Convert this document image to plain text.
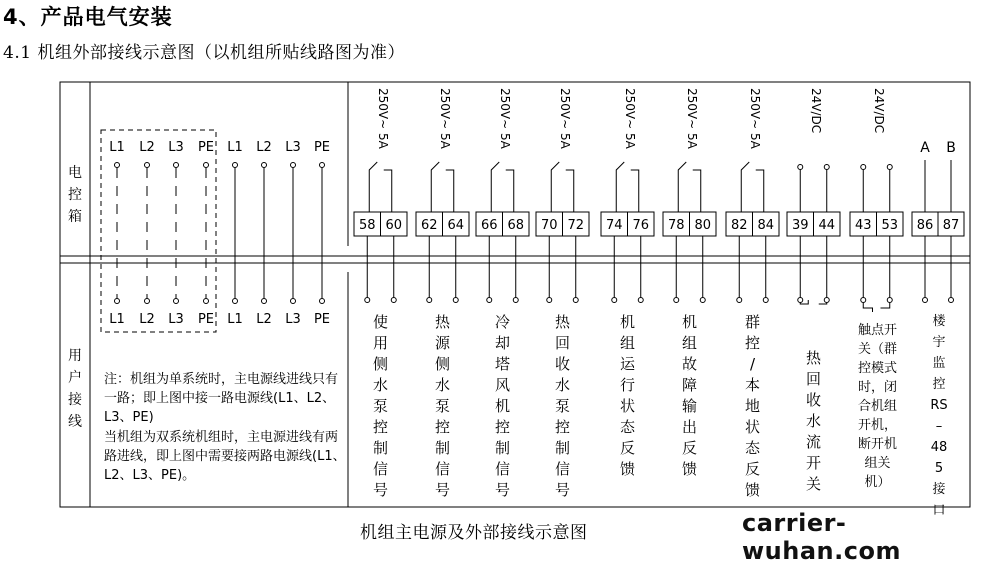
4、产品电气安装
4.1 机组外部接线示意图（以机组所贴线路图为准）
L1
L1
L2
L2
L3
L3
PE
PE
L1
L1
L2
L2
L3
L3
PE
PE
250V~ 5A
58 60
250V~ 5A
62 64
250V~ 5A
66 68
250V~ 5A
70 72
250V~ 5A
74 76
250V~ 5A
78 80
250V~ 5A
82 84
24V/DC
39 44
24V/DC
43 53
A B
86 87
电
控
箱
用
户
接
线
注：机组为单系统时，主电源线进线只有一路；即上图中接一路电源线(L1、L2、L3、PE)
当机组为双系统机组时，主电源进线有两路进线，即上图中需要接两路电源线(L1、L2、L3、PE)。
使
用
侧
水
泵
控
制
信
号
热
源
侧
水
泵
控
制
信
号
冷
却
塔
风
机
控
制
信
号
热
回
收
水
泵
控
制
信
号
机
组
运
行
状
态
反
馈
机
组
故
障
输
出
反
馈
群
控
/
本
地
状
态
反
馈
热
回
收
水
流
开
关
触点开
关（群
控模式
时，闭
合机组
开机，
断开机
组关
机）
楼
宇
监
控
RS
–
48
5
接
口
机组主电源及外部接线示意图	carrier-wuhan.com
